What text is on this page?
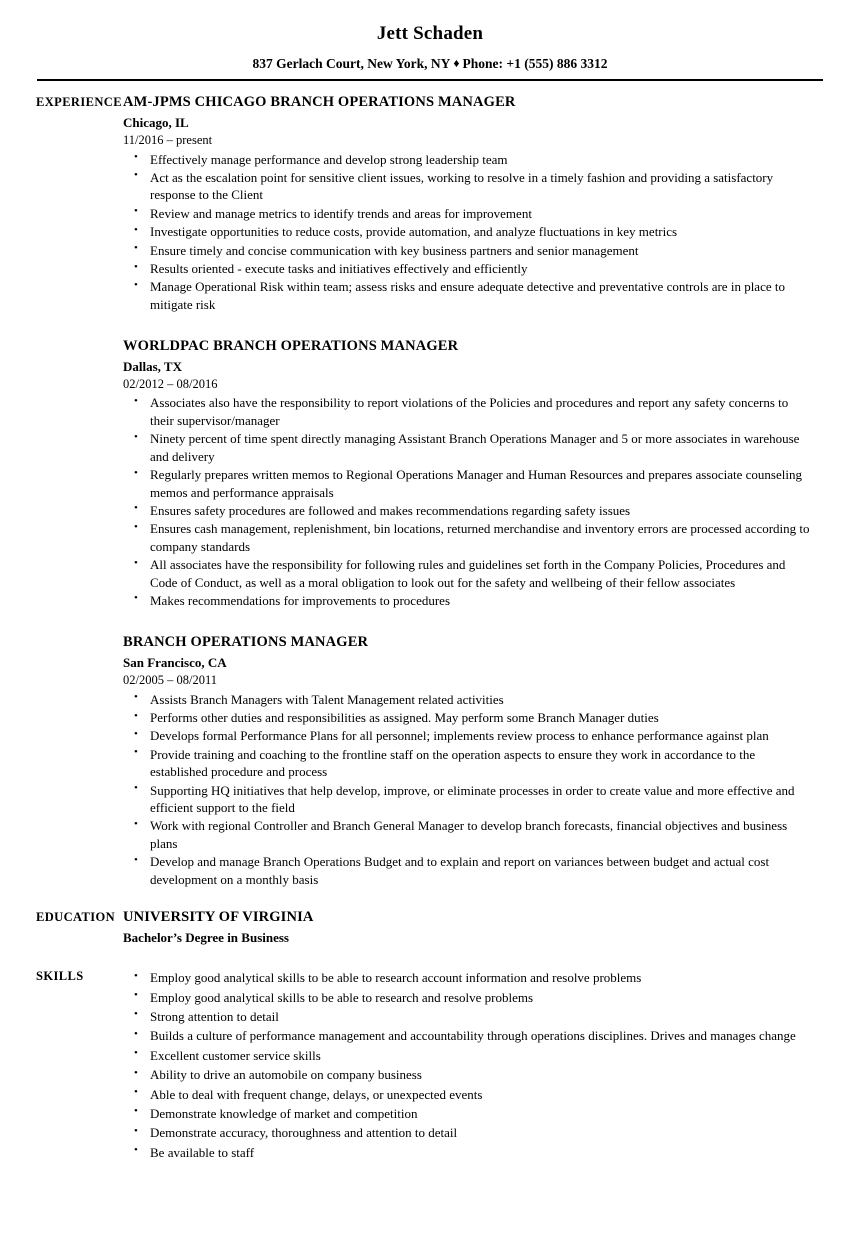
Jett Schaden
837 Gerlach Court, New York, NY ♦ Phone: +1 (555) 886 3312
EXPERIENCE AM-JPMS CHICAGO BRANCH OPERATIONS MANAGER
Chicago, IL
11/2016 – present
• Effectively manage performance and develop strong leadership team
• Act as the escalation point for sensitive client issues, working to resolve in a timely fashion and providing a satisfactory response to the Client
• Review and manage metrics to identify trends and areas for improvement
• Investigate opportunities to reduce costs, provide automation, and analyze fluctuations in key metrics
• Ensure timely and concise communication with key business partners and senior management
• Results oriented - execute tasks and initiatives effectively and efficiently
• Manage Operational Risk within team; assess risks and ensure adequate detective and preventative controls are in place to mitigate risk
WORLDPAC BRANCH OPERATIONS MANAGER
Dallas, TX
02/2012 – 08/2016
• Associates also have the responsibility to report violations of the Policies and procedures and report any safety concerns to their supervisor/manager
• Ninety percent of time spent directly managing Assistant Branch Operations Manager and 5 or more associates in warehouse and delivery
• Regularly prepares written memos to Regional Operations Manager and Human Resources and prepares associate counseling memos and performance appraisals
• Ensures safety procedures are followed and makes recommendations regarding safety issues
• Ensures cash management, replenishment, bin locations, returned merchandise and inventory errors are processed according to company standards
• All associates have the responsibility for following rules and guidelines set forth in the Company Policies, Procedures and Code of Conduct, as well as a moral obligation to look out for the safety and wellbeing of their fellow associates
• Makes recommendations for improvements to procedures
BRANCH OPERATIONS MANAGER
San Francisco, CA
02/2005 – 08/2011
• Assists Branch Managers with Talent Management related activities
• Performs other duties and responsibilities as assigned. May perform some Branch Manager duties
• Develops formal Performance Plans for all personnel; implements review process to enhance performance against plan
• Provide training and coaching to the frontline staff on the operation aspects to ensure they work in accordance to the established procedure and process
• Supporting HQ initiatives that help develop, improve, or eliminate processes in order to create value and more effective and efficient support to the field
• Work with regional Controller and Branch General Manager to develop branch forecasts, financial objectives and business plans
• Develop and manage Branch Operations Budget and to explain and report on variances between budget and actual cost development on a monthly basis
EDUCATION UNIVERSITY OF VIRGINIA
Bachelor’s Degree in Business
SKILLS	• Employ good analytical skills to be able to research account information and resolve problems
• Employ good analytical skills to be able to research and resolve problems
• Strong attention to detail
• Builds a culture of performance management and accountability through operations disciplines. Drives and manages change
• Excellent customer service skills
• Ability to drive an automobile on company business
• Able to deal with frequent change, delays, or unexpected events
• Demonstrate knowledge of market and competition
• Demonstrate accuracy, thoroughness and attention to detail
• Be available to staff
